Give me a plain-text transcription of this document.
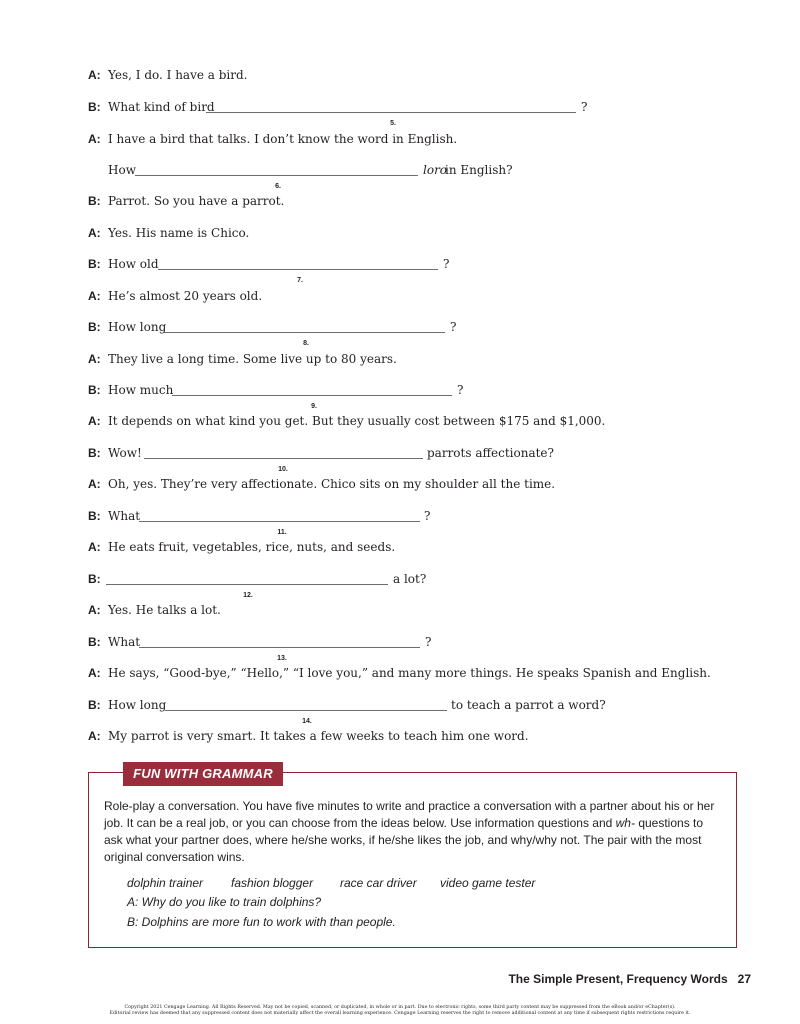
A: Yes, I do. I have a bird.
B: What kind of bird
5.
?
A: I have a bird that talks. I don’t know the word in English.
How
6.
loro
in English?
B: Parrot. So you have a parrot.
A: Yes. His name is Chico.
B: How old
7.
?
A: He’s almost 20 years old.
B: How long
8.
?
A: They live a long time. Some live up to 80 years.
B: How much
9.
?
A: It depends on what kind you get. But they usually cost between $175 and $1,000.
B: Wow!
10.
parrots affectionate?
A: Oh, yes. They’re very affectionate. Chico sits on my shoulder all the time.
B: What
11.
?
A: He eats fruit, vegetables, rice, nuts, and seeds.
B:
12.
a lot?
A: Yes. He talks a lot.
B: What
13.
?
A: He says, “Good-bye,” “Hello,” “I love you,” and many more things. He speaks Spanish and English.
B: How long
14.
to teach a parrot a word?
A: My parrot is very smart. It takes a few weeks to teach him one word.
FUN WITH GRAMMAR
Role-play a conversation. You have five minutes to write and practice a conversation with a partner about his or her job. It can be a real job, or you can choose from the ideas below. Use information questions and wh- questions to ask what your partner does, where he/she works, if he/she likes the job, and why/why not. The pair with the most original conversation wins.
dolphin trainer fashion blogger race car driver video game tester
A: Why do you like to train dolphins?
B: Dolphins are more fun to work with than people.
The Simple Present, Frequency Words 27
Copyright 2021 Cengage Learning. All Rights Reserved. May not be copied, scanned, or duplicated, in whole or in part. Due to electronic rights, some third party content may be suppressed from the eBook and/or eChapter(s).
Editorial review has deemed that any suppressed content does not materially affect the overall learning experience. Cengage Learning reserves the right to remove additional content at any time if subsequent rights restrictions require it.
